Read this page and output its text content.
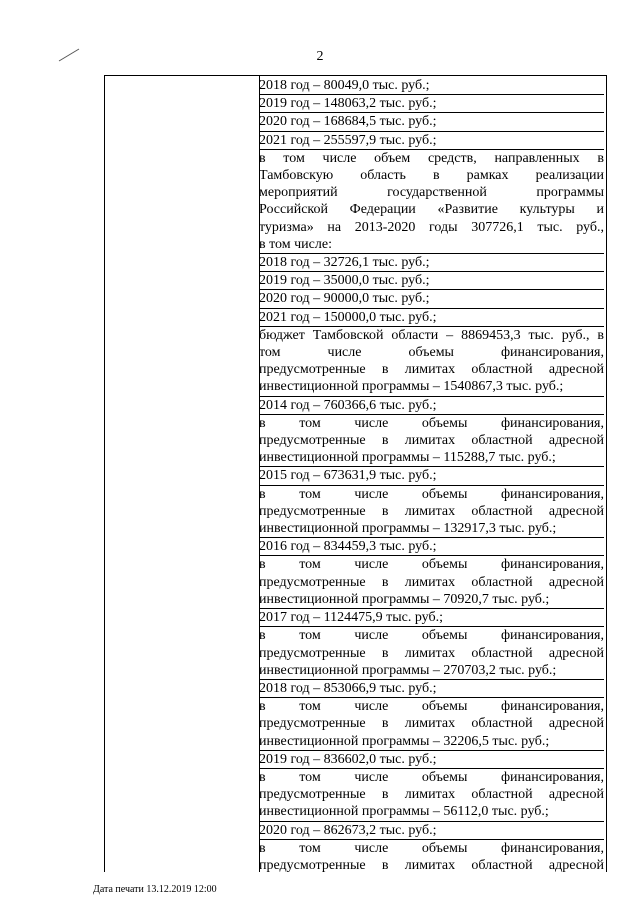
2
2018 год – 80049,0 тыс. руб.;
2019 год – 148063,2 тыс. руб.;
2020 год – 168684,5 тыс. руб.;
2021 год – 255597,9 тыс. руб.;
в том числе объем средств, направленных в
Тамбовскую область в рамках реализации
мероприятий государственной программы
Российской Федерации «Развитие культуры и
туризма» на 2013-2020 годы 307726,1 тыс. руб.,
в том числе:
2018 год – 32726,1 тыс. руб.;
2019 год – 35000,0 тыс. руб.;
2020 год – 90000,0 тыс. руб.;
2021 год – 150000,0 тыс. руб.;
бюджет Тамбовской области – 8869453,3 тыс. руб., в
том числе объемы финансирования,
предусмотренные в лимитах областной адресной
инвестиционной программы – 1540867,3 тыс. руб.;
2014 год – 760366,6 тыс. руб.;
в том числе объемы финансирования,
предусмотренные в лимитах областной адресной
инвестиционной программы – 115288,7 тыс. руб.;
2015 год – 673631,9 тыс. руб.;
в том числе объемы финансирования,
предусмотренные в лимитах областной адресной
инвестиционной программы – 132917,3 тыс. руб.;
2016 год – 834459,3 тыс. руб.;
в том числе объемы финансирования,
предусмотренные в лимитах областной адресной
инвестиционной программы – 70920,7 тыс. руб.;
2017 год – 1124475,9 тыс. руб.;
в том числе объемы финансирования,
предусмотренные в лимитах областной адресной
инвестиционной программы – 270703,2 тыс. руб.;
2018 год – 853066,9 тыс. руб.;
в том числе объемы финансирования,
предусмотренные в лимитах областной адресной
инвестиционной программы – 32206,5 тыс. руб.;
2019 год – 836602,0 тыс. руб.;
в том числе объемы финансирования,
предусмотренные в лимитах областной адресной
инвестиционной программы – 56112,0 тыс. руб.;
2020 год – 862673,2 тыс. руб.;
в том числе объемы финансирования,
предусмотренные в лимитах областной адресной
Дата печати 13.12.2019 12:00
